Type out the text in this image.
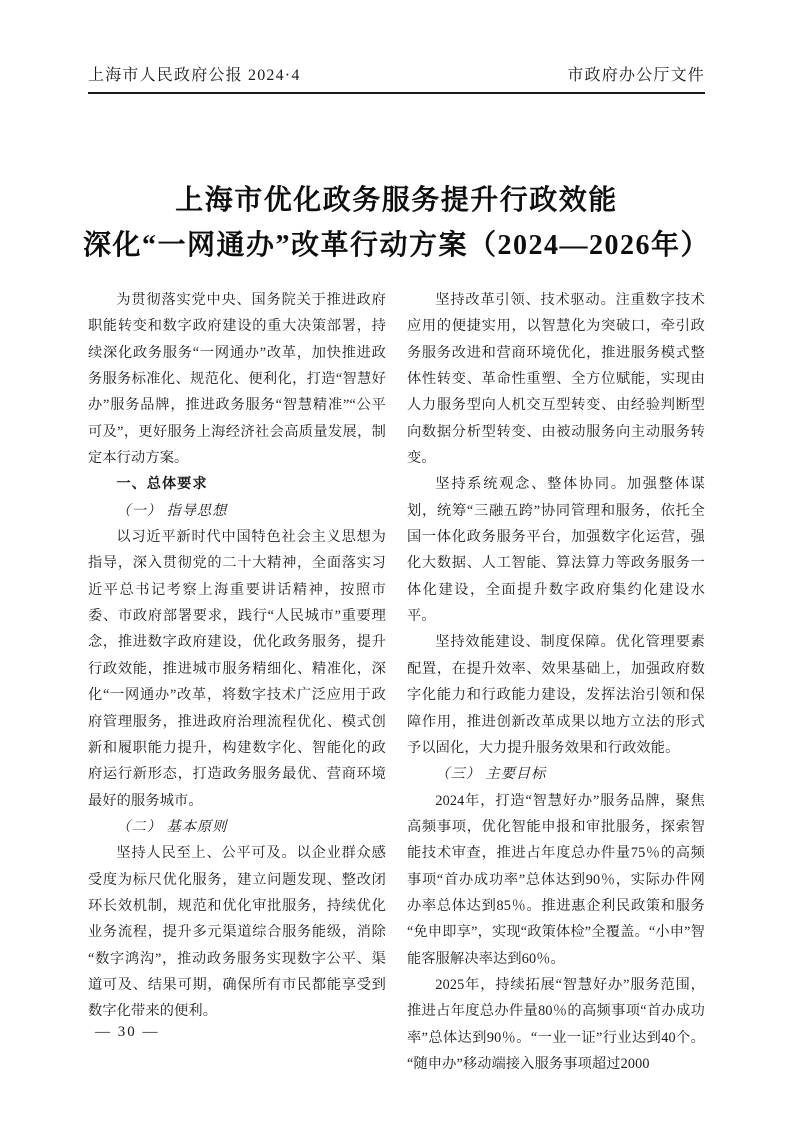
上海市人民政府公报 2024·4	市政府办公厅文件
上海市优化政务服务提升行政效能
深化“一网通办”改革行动方案（2024—2026年）

为贯彻落实党中央、国务院关于推进政府职能转变和数字政府建设的重大决策部署，持续深化政务服务“一网通办”改革，加快推进政务服务标准化、规范化、便利化，打造“智慧好办”服务品牌，推进政务服务“智慧精准”“公平可及”，更好服务上海经济社会高质量发展，制定本行动方案。

一、总体要求

（一） 指导思想

以习近平新时代中国特色社会主义思想为指导，深入贯彻党的二十大精神，全面落实习近平总书记考察上海重要讲话精神，按照市委、市政府部署要求，践行“人民城市”重要理念，推进数字政府建设，优化政务服务，提升行政效能，推进城市服务精细化、精准化，深化“一网通办”改革，将数字技术广泛应用于政府管理服务，推进政府治理流程优化、模式创新和履职能力提升，构建数字化、智能化的政府运行新形态，打造政务服务最优、营商环境最好的服务城市。

（二） 基本原则

坚持人民至上、公平可及。以企业群众感受度为标尺优化服务，建立问题发现、整改闭环长效机制，规范和优化审批服务，持续优化业务流程，提升多元渠道综合服务能级，消除“数字鸿沟”，推动政务服务实现数字公平、渠道可及、结果可期，确保所有市民都能享受到数字化带来的便利。

坚持改革引领、技术驱动。注重数字技术应用的便捷实用，以智慧化为突破口，牵引政务服务改进和营商环境优化，推进服务模式整体性转变、革命性重塑、全方位赋能，实现由人力服务型向人机交互型转变、由经验判断型向数据分析型转变、由被动服务向主动服务转变。

坚持系统观念、整体协同。加强整体谋划，统筹“三融五跨”协同管理和服务，依托全国一体化政务服务平台，加强数字化运营，强化大数据、人工智能、算法算力等政务服务一体化建设，全面提升数字政府集约化建设水平。

坚持效能建设、制度保障。优化管理要素配置，在提升效率、效果基础上，加强政府数字化能力和行政能力建设，发挥法治引领和保障作用，推进创新改革成果以地方立法的形式予以固化，大力提升服务效果和行政效能。

（三） 主要目标

2024年，打造“智慧好办”服务品牌，聚焦高频事项，优化智能申报和审批服务，探索智能技术审查，推进占年度总办件量75％的高频事项“首办成功率”总体达到90％，实际办件网办率总体达到85％。推进惠企利民政策和服务“免申即享”，实现“政策体检”全覆盖。“小申”智能客服解决率达到60％。

2025年，持续拓展“智慧好办”服务范围，推进占年度总办件量80％的高频事项“首办成功率”总体达到90％。“一业一证”行业达到40个。“随申办”移动端接入服务事项超过2000

— 30 —
